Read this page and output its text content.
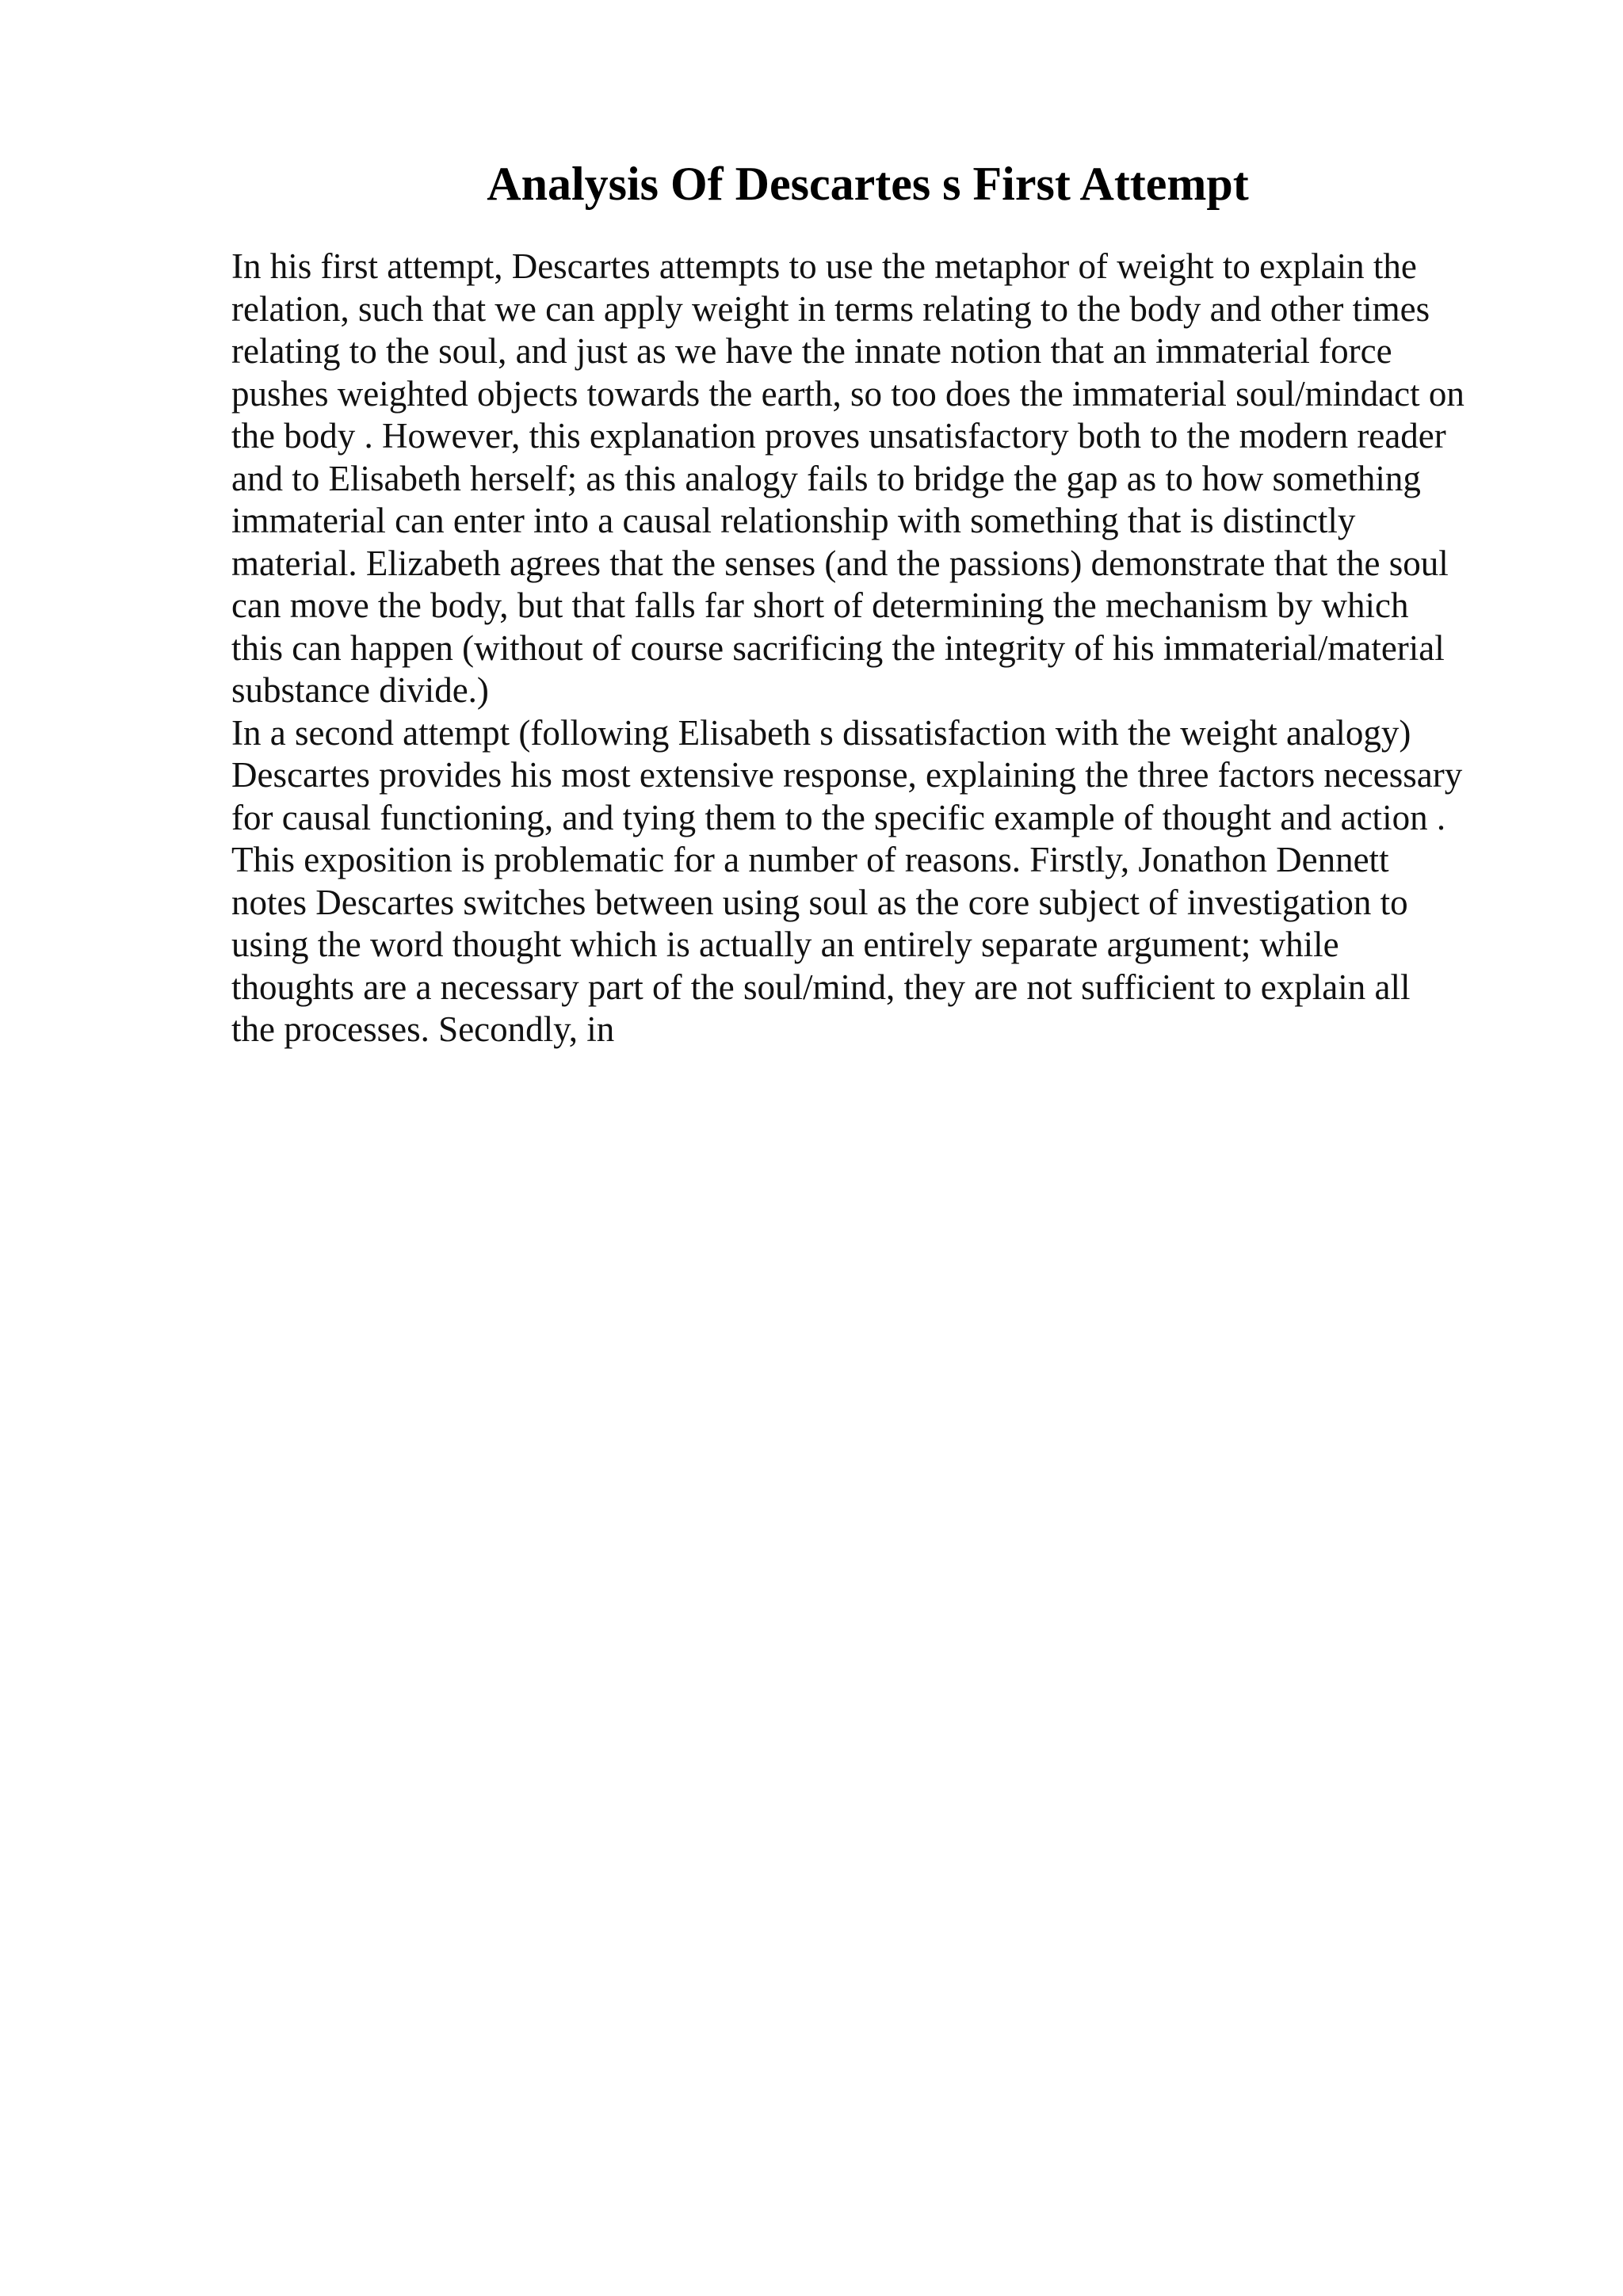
Analysis Of Descartes s First Attempt
In his first attempt, Descartes attempts to use the metaphor of weight to explain the
relation, such that we can apply weight in terms relating to the body and other times
relating to the soul, and just as we have the innate notion that an immaterial force
pushes weighted objects towards the earth, so too does the immaterial soul/mindact on
the body . However, this explanation proves unsatisfactory both to the modern reader
and to Elisabeth herself; as this analogy fails to bridge the gap as to how something
immaterial can enter into a causal relationship with something that is distinctly
material. Elizabeth agrees that the senses (and the passions) demonstrate that the soul
can move the body, but that falls far short of determining the mechanism by which
this can happen (without of course sacrificing the integrity of his immaterial/material
substance divide.)
In a second attempt (following Elisabeth s dissatisfaction with the weight analogy)
Descartes provides his most extensive response, explaining the three factors necessary
for causal functioning, and tying them to the specific example of thought and action .
This exposition is problematic for a number of reasons. Firstly, Jonathon Dennett
notes Descartes switches between using soul as the core subject of investigation to
using the word thought which is actually an entirely separate argument; while
thoughts are a necessary part of the soul/mind, they are not sufficient to explain all
the processes. Secondly, in
